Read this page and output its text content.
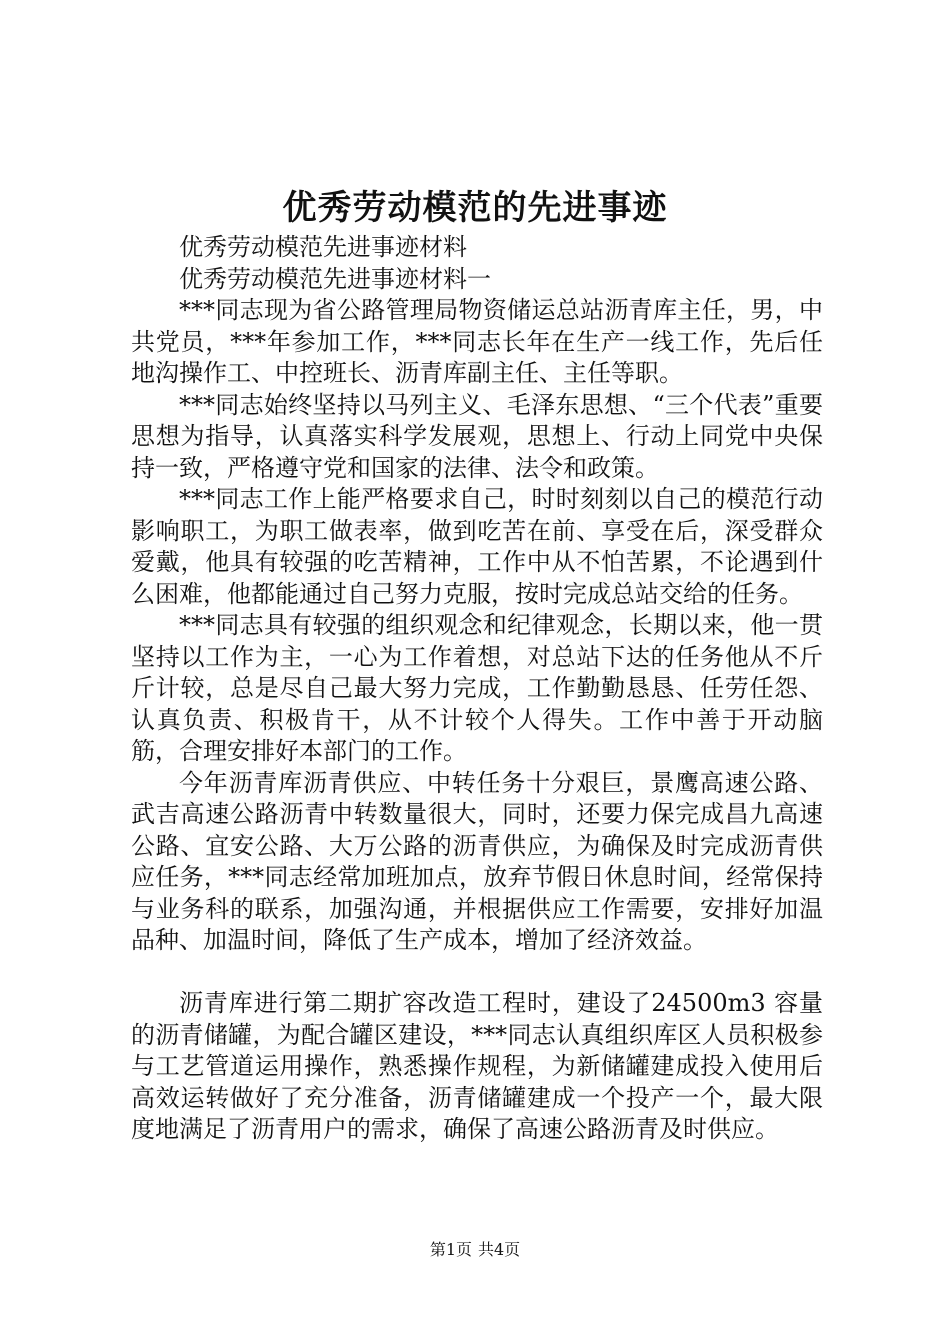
优秀劳动模范的先进事迹

优秀劳动模范先进事迹材料

优秀劳动模范先进事迹材料一

***同志现为省公路管理局物资储运总站沥青库主任，男，中共党员，***年参加工作，***同志长年在生产一线工作，先后任地沟操作工、中控班长、沥青库副主任、主任等职。

***同志始终坚持以马列主义、毛泽东思想、“三个代表”重要思想为指导，认真落实科学发展观，思想上、行动上同党中央保持一致，严格遵守党和国家的法律、法令和政策。

***同志工作上能严格要求自己，时时刻刻以自己的模范行动影响职工，为职工做表率，做到吃苦在前、享受在后，深受群众爱戴，他具有较强的吃苦精神，工作中从不怕苦累，不论遇到什么困难，他都能通过自己努力克服，按时完成总站交给的任务。

***同志具有较强的组织观念和纪律观念，长期以来，他一贯坚持以工作为主，一心为工作着想，对总站下达的任务他从不斤斤计较，总是尽自己最大努力完成，工作勤勤恳恳、任劳任怨、认真负责、积极肯干，从不计较个人得失。工作中善于开动脑筋，合理安排好本部门的工作。

今年沥青库沥青供应、中转任务十分艰巨，景鹰高速公路、武吉高速公路沥青中转数量很大，同时，还要力保完成昌九高速公路、宜安公路、大万公路的沥青供应，为确保及时完成沥青供应任务，***同志经常加班加点，放弃节假日休息时间，经常保持与业务科的联系，加强沟通，并根据供应工作需要，安排好加温品种、加温时间，降低了生产成本，增加了经济效益。

沥青库进行第二期扩容改造工程时，建设了24500m3 容量的沥青储罐，为配合罐区建设，***同志认真组织库区人员积极参与工艺管道运用操作，熟悉操作规程，为新储罐建成投入使用后高效运转做好了充分准备，沥青储罐建成一个投产一个，最大限度地满足了沥青用户的需求，确保了高速公路沥青及时供应。

第1页 共4页
